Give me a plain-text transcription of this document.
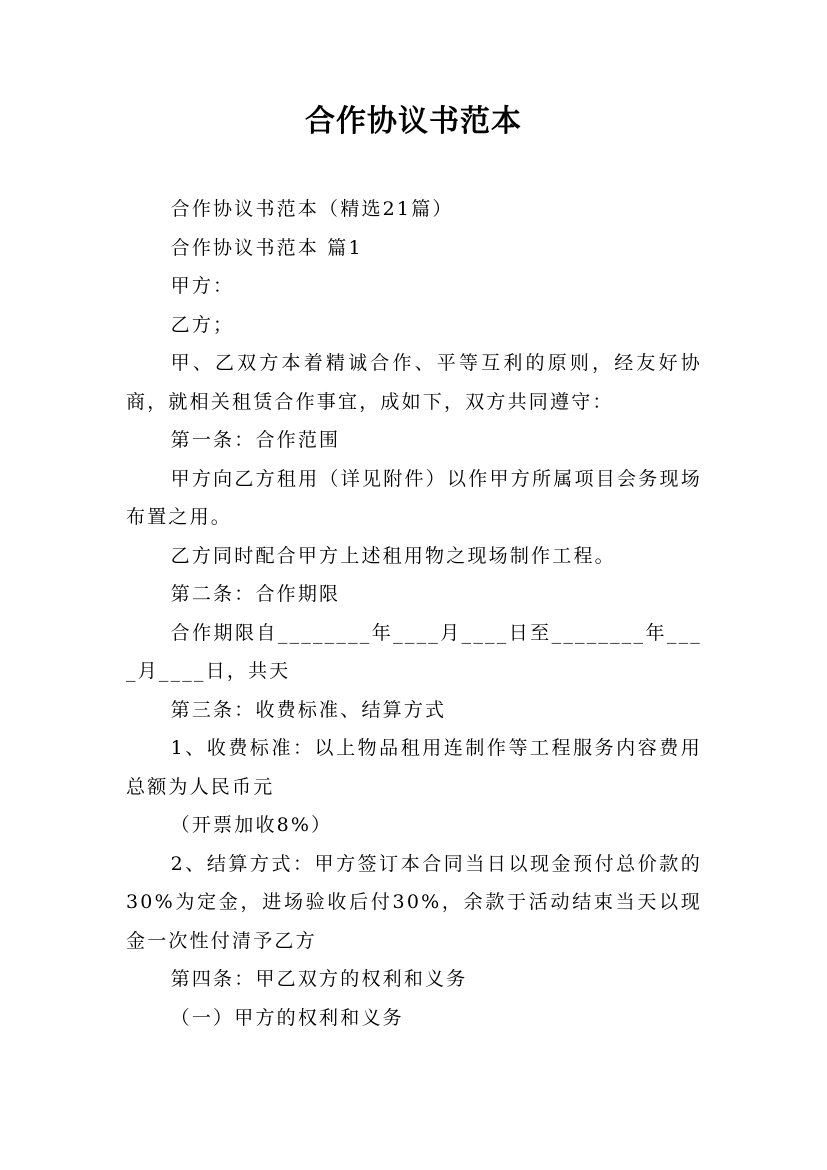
合作协议书范本

合作协议书范本（精选21篇）

合作协议书范本 篇1

甲方：

乙方；

甲、乙双方本着精诚合作、平等互利的原则，经友好协商，就相关租赁合作事宜，成如下，双方共同遵守：

第一条：合作范围

甲方向乙方租用（详见附件）以作甲方所属项目会务现场布置之用。

乙方同时配合甲方上述租用物之现场制作工程。

第二条：合作期限

合作期限自________年____月____日至________年____月____日，共天

第三条：收费标准、结算方式

1、收费标准：以上物品租用连制作等工程服务内容费用总额为人民币元

（开票加收8%）

2、结算方式：甲方签订本合同当日以现金预付总价款的30%为定金，进场验收后付30%，余款于活动结束当天以现金一次性付清予乙方

第四条：甲乙双方的权利和义务

（一）甲方的权利和义务
